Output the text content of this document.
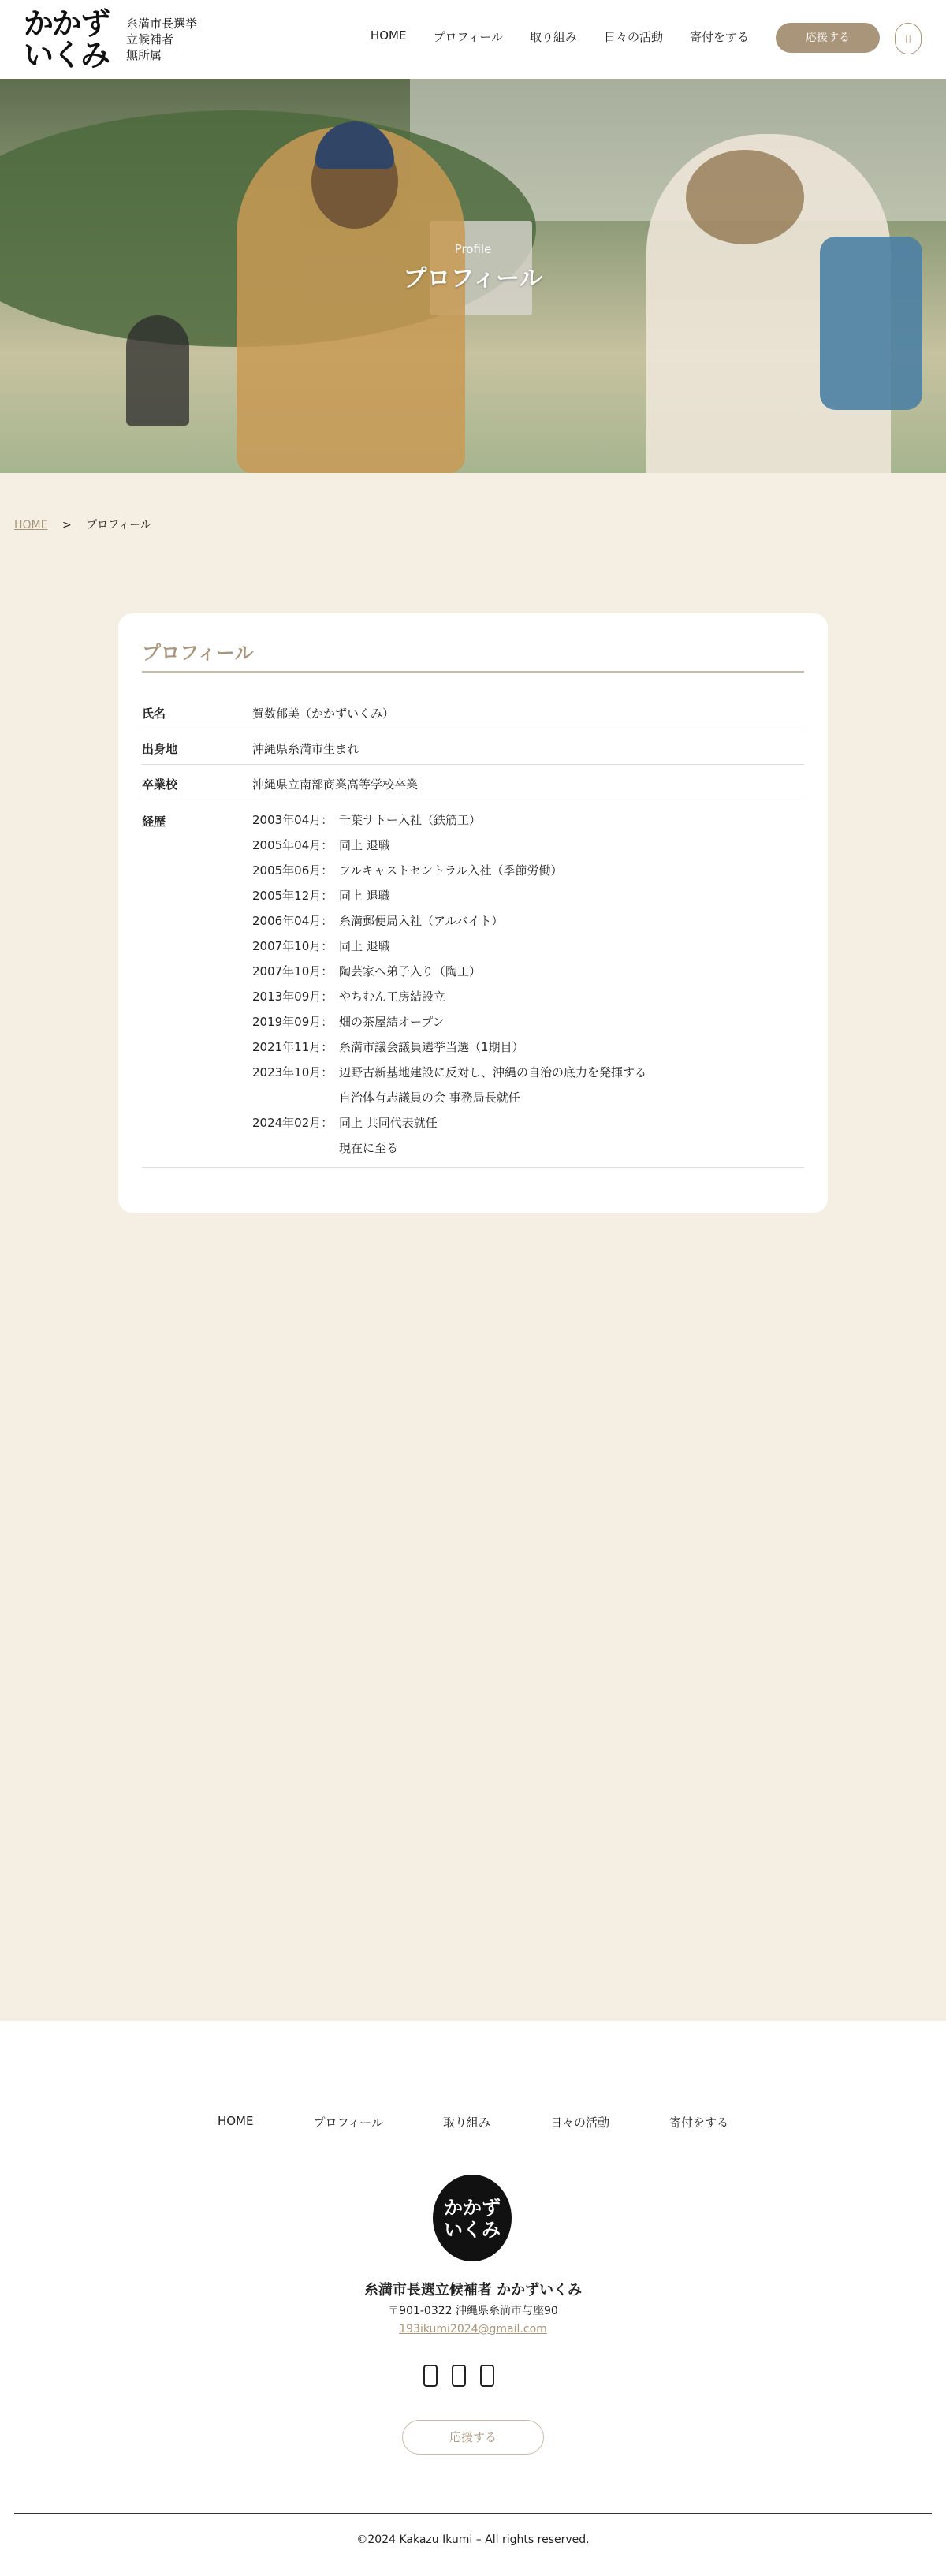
かかず いくみ
糸満市長選挙
立候補者
無所属
HOME プロフィール 取り組み 日々の活動 寄付をする	応援する	▯
Profile
プロフィール
HOME > プロフィール
プロフィール
氏名	賀数郁美（かかずいくみ）
出身地	沖縄県糸満市生まれ
卒業校	沖縄県立南部商業高等学校卒業
経歴	2003年04月： 千葉サトー入社（鉄筋工）
2005年04月： 同上 退職
2005年06月： フルキャストセントラル入社（季節労働）
2005年12月： 同上 退職
2006年04月： 糸満郵便局入社（アルバイト）
2007年10月： 同上 退職
2007年10月： 陶芸家へ弟子入り（陶工）
2013年09月： やちむん工房結設立
2019年09月： 畑の茶屋結オープン
2021年11月： 糸満市議会議員選挙当選（1期目）
2023年10月： 辺野古新基地建設に反対し、沖縄の自治の底力を発揮する
自治体有志議員の会 事務局長就任
2024年02月： 同上 共同代表就任
現在に至る
HOME	プロフィール	取り組み	日々の活動	寄付をする
かかず いくみ
糸満市長選立候補者 かかずいくみ
〒901-0322 沖縄県糸満市与座90
193ikumi2024@gmail.com
応援する
©2024 Kakazu Ikumi – All rights reserved.
